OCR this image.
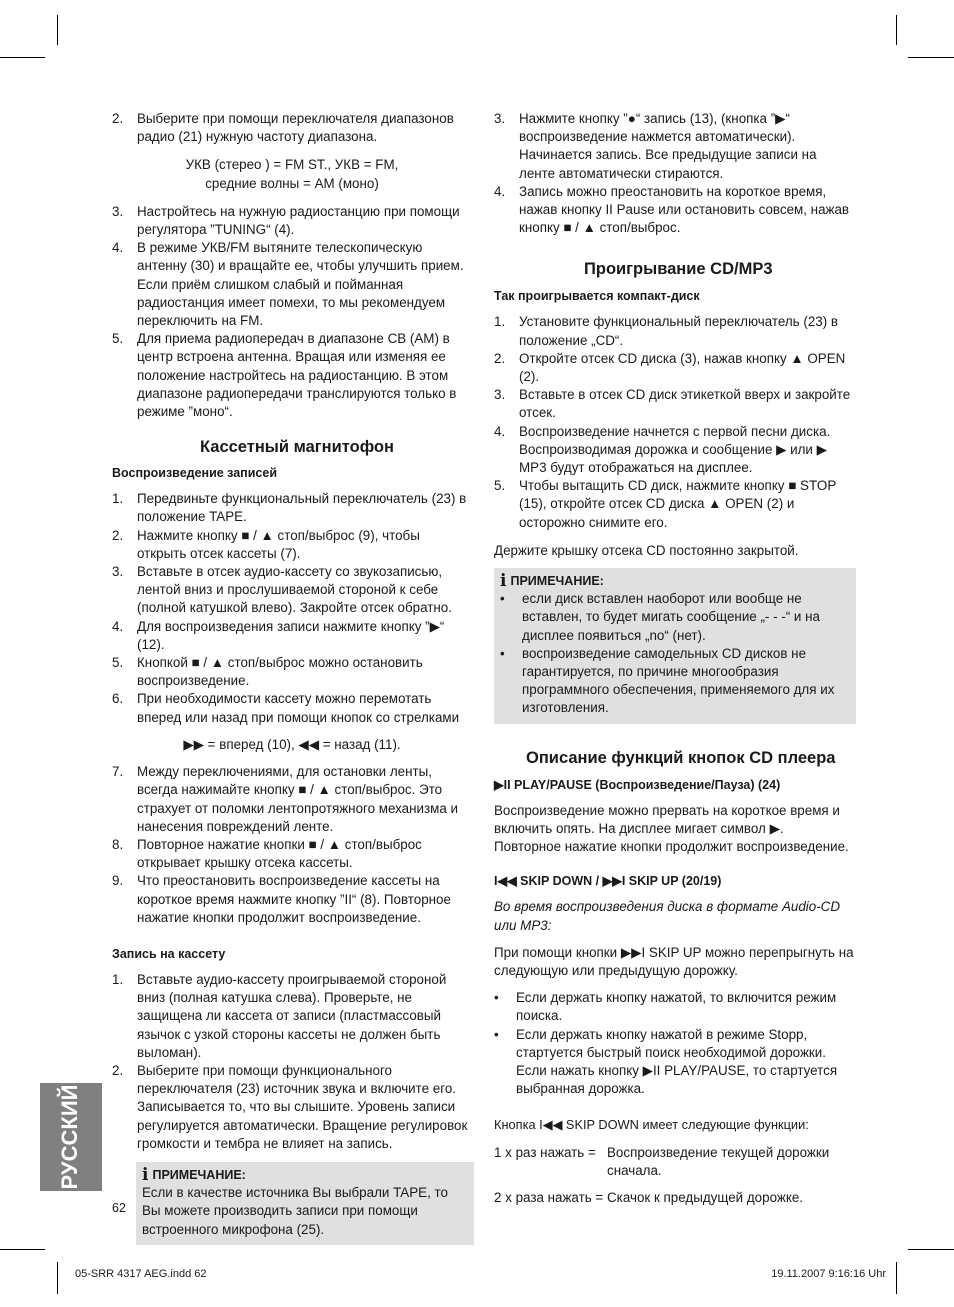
2.	Выберите при помощи переключателя диапазонов радио (21) нужную частоту диапазона.
УКВ (стерео ) = FM ST., УКВ = FM,
средние волны = AM (моно)
3.	Настройтесь на нужную радиостанцию при помощи регулятора ”TUNING“ (4).
4.	В режиме УКВ/FM вытяните телескопическую антенну (30) и вращайте ее, чтобы улучшить прием. Если приём слишком слабый и пойманная радиостанция имеет помехи, то мы рекомендуем переключить на FM.
5.	Для приема радиопередач в диапазоне СВ (AM) в центр встроена антенна. Вращая или изменяя ее положение настройтесь на радиостанцию. В этом диапазоне радиопередачи транслируются только в режиме ”моно“.
Кассетный магнитофон
Воспроизведение записей
1.	Передвиньте функциональный переключатель (23) в положение TAPE.
2.	Нажмите кнопку ■ / ▲ стоп/выброс (9), чтобы открыть отсек кассеты (7).
3.	Вставьте в отсек аудио-кассету со звукозаписью, лентой вниз и прослушиваемой стороной к себе (полной катушкой влево). Закройте отсек обратно.
4.	Для воспроизведения записи нажмите кнопку ”▶“ (12).
5.	Кнопкой ■ / ▲ стоп/выброс можно остановить воспроизведение.
6.	При необходимости кассету можно перемотать вперед или назад при помощи кнопок со стрелками
▶▶ = вперед (10), ◀◀ = назад (11).
7.	Между переключениями, для остановки ленты, всегда нажимайте кнопку ■ / ▲ стоп/выброс. Это страхует от поломки лентопротяжного механизма и нанесения повреждений ленте.
8.	Повторное нажатие кнопки ■ / ▲ стоп/выброс открывает крышку отсека кассеты.
9.	Что преостановить воспроизведение кассеты на короткое время нажмите кнопку ”II“ (8). Повторное нажатие кнопки продолжит воспроизведение.
Запись на кассету
1.	Вставьте аудио-кассету проигрываемой стороной вниз (полная катушка слева). Проверьте, не защищена ли кассета от записи (пластмассовый язычок с узкой стороны кассеты не должен быть выломан).
2.	Выберите при помощи функционального переключателя (23) источник звука и включите его. Записывается то, что вы слышите. Уровень записи регулируется автоматически. Вращение регулировок громкости и тембра не влияет на запись.
i ПРИМЕЧАНИЕ:
Если в качестве источника Вы выбрали TAPE, то Вы можете производить записи при помощи встроенного микрофона (25).
3.	Нажмите кнопку ”●“ запись (13), (кнопка ”▶“ воспроизведение нажмется автоматически). Начинается запись. Все предыдущие записи на ленте автоматически стираются.
4.	Запись можно преостановить на короткое время, нажав кнопку II Pause или остановить совсем, нажав кнопку ■ / ▲ стоп/выброс.
Проигрывание CD/MP3
Так проигрывается компакт-диск
1.	Установите функциональный переключатель (23) в положение „CD“.
2.	Откройте отсек CD диска (3), нажав кнопку ▲ OPEN (2).
3.	Вставьте в отсек CD диск этикеткой вверх и закройте отсек.
4.	Воспроизведение начнется с первой песни диска. Воспроизводимая дорожка и сообщение ▶ или ▶ MP3 будут отображаться на дисплее.
5.	Чтобы вытащить CD диск, нажмите кнопку ■ STOP (15), откройте отсек CD диска ▲ OPEN (2) и осторожно снимите его.
Держите крышку отсека CD постоянно закрытой.
i ПРИМЕЧАНИЕ:
•	если диск вставлен наоборот или вообще не вставлен, то будет мигать сообщение „- - -“ и на дисплее появиться „no“ (нет).
•	воспроизведение самодельных CD дисков не гарантируется, по причине многообразия программного обеспечения, применяемого для их изготовления.
Описание функций кнопок CD плеера
▶II PLAY/PAUSE (Воспроизведение/Пауза) (24)
Воспроизведение можно прервать на короткое время и включить опять. На дисплее мигает символ ▶. Повторное нажатие кнопки продолжит воспроизведение.
I◀◀ SKIP DOWN / ▶▶I SKIP UP (20/19)
Во время воспроизведения диска в формате Audio-CD или MP3:
При помощи кнопки ▶▶I SKIP UP можно перепрыгнуть на следующую или предыдущую дорожку.
•	Если держать кнопку нажатой, то включится режим поиска.
•	Если держать кнопку нажатой в режиме Stopp, стартуется быстрый поиск необходимой дорожки. Если нажать кнопку ▶II PLAY/PAUSE, то стартуется выбранная дорожка.
Кнопка I◀◀ SKIP DOWN имеет следующие функции:
1 х раз нажать = Воспроизведение текущей дорожки сначала.
2 х раза нажать = Скачок к предыдущей дорожке.
РУССКИЙ
62
05-SRR 4317 AEG.indd 62	19.11.2007 9:16:16 Uhr
